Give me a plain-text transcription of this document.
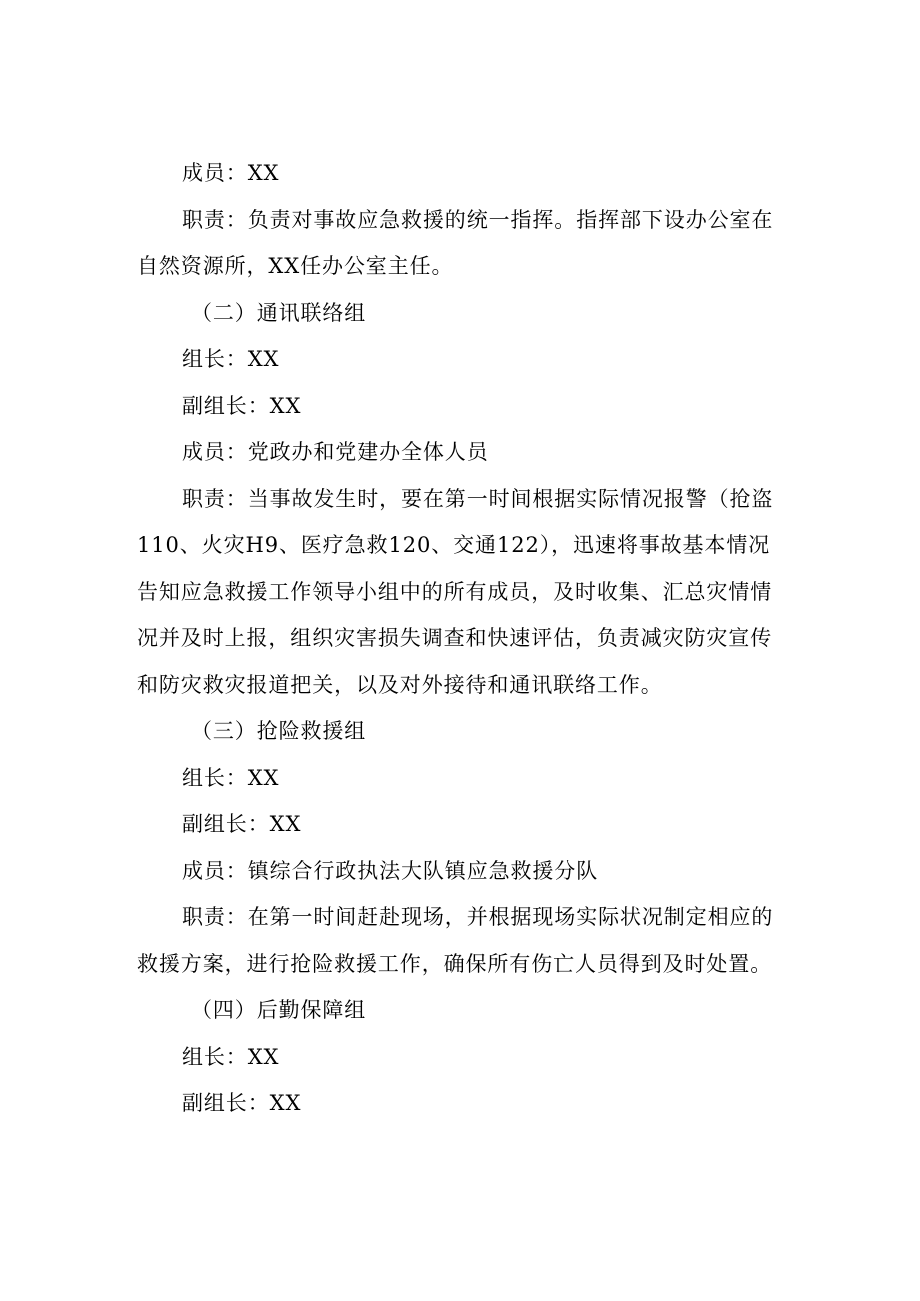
成员：XX

职责：负责对事故应急救援的统一指挥。指挥部下设办公室在自然资源所，XX任办公室主任。

（二）通讯联络组

组长：XX

副组长：XX

成员：党政办和党建办全体人员

职责：当事故发生时，要在第一时间根据实际情况报警（抢盗110、火灾H9、医疗急救120、交通122），迅速将事故基本情况告知应急救援工作领导小组中的所有成员，及时收集、汇总灾情情况并及时上报，组织灾害损失调查和快速评估，负责减灾防灾宣传和防灾救灾报道把关，以及对外接待和通讯联络工作。

（三）抢险救援组

组长：XX

副组长：XX

成员：镇综合行政执法大队镇应急救援分队

职责：在第一时间赶赴现场，并根据现场实际状况制定相应的救援方案，进行抢险救援工作，确保所有伤亡人员得到及时处置。

（四）后勤保障组

组长：XX

副组长：XX
